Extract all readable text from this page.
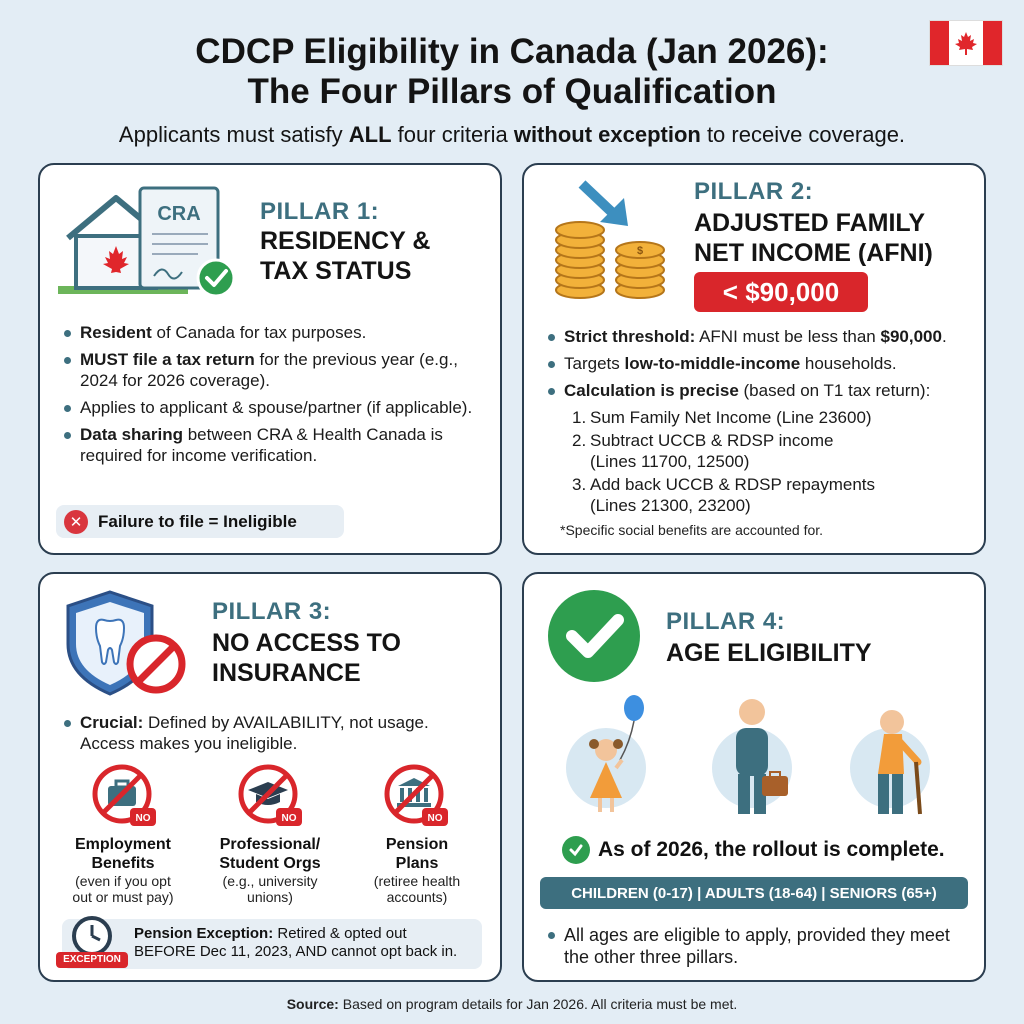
CDCP Eligibility in Canada (Jan 2026):
The Four Pillars of Qualification
Applicants must satisfy ALL four criteria without exception to receive coverage.
CRA PILLAR 1:
RESIDENCY &
TAX STATUS
Resident of Canada for tax purposes.
MUST file a tax return for the previous year (e.g., 2024 for 2026 coverage).
Applies to applicant & spouse/partner (if applicable).
Data sharing between CRA & Health Canada is required for income verification.
✕ Failure to file = Ineligible
$
PILLAR 2:
ADJUSTED FAMILY
NET INCOME (AFNI)
< $90,000
Strict threshold: AFNI must be less than $90,000.
Targets low-to-middle-income households.
Calculation is precise (based on T1 tax return):
1. Sum Family Net Income (Line 23600)
2. Subtract UCCB & RDSP income
(Lines 11700, 12500)
3. Add back UCCB & RDSP repayments
(Lines 21300, 23200)
*Specific social benefits are accounted for.
PILLAR 3:
NO ACCESS TO
INSURANCE
Crucial: Defined by AVAILABILITY, not usage. Access makes you ineligible.
NO	NO	NO
Employment
Benefits
(even if you opt
out or must pay)
Professional/
Student Orgs
(e.g., university
unions)
Pension
Plans
(retiree health
accounts)
Pension Exception: Retired & opted out
BEFORE Dec 11, 2023, AND cannot opt back in.
EXCEPTION
PILLAR 4:
AGE ELIGIBILITY
As of 2026, the rollout is complete.
CHILDREN (0-17) | ADULTS (18-64) | SENIORS (65+)
All ages are eligible to apply, provided they meet the other three pillars.
Source: Based on program details for Jan 2026. All criteria must be met.
